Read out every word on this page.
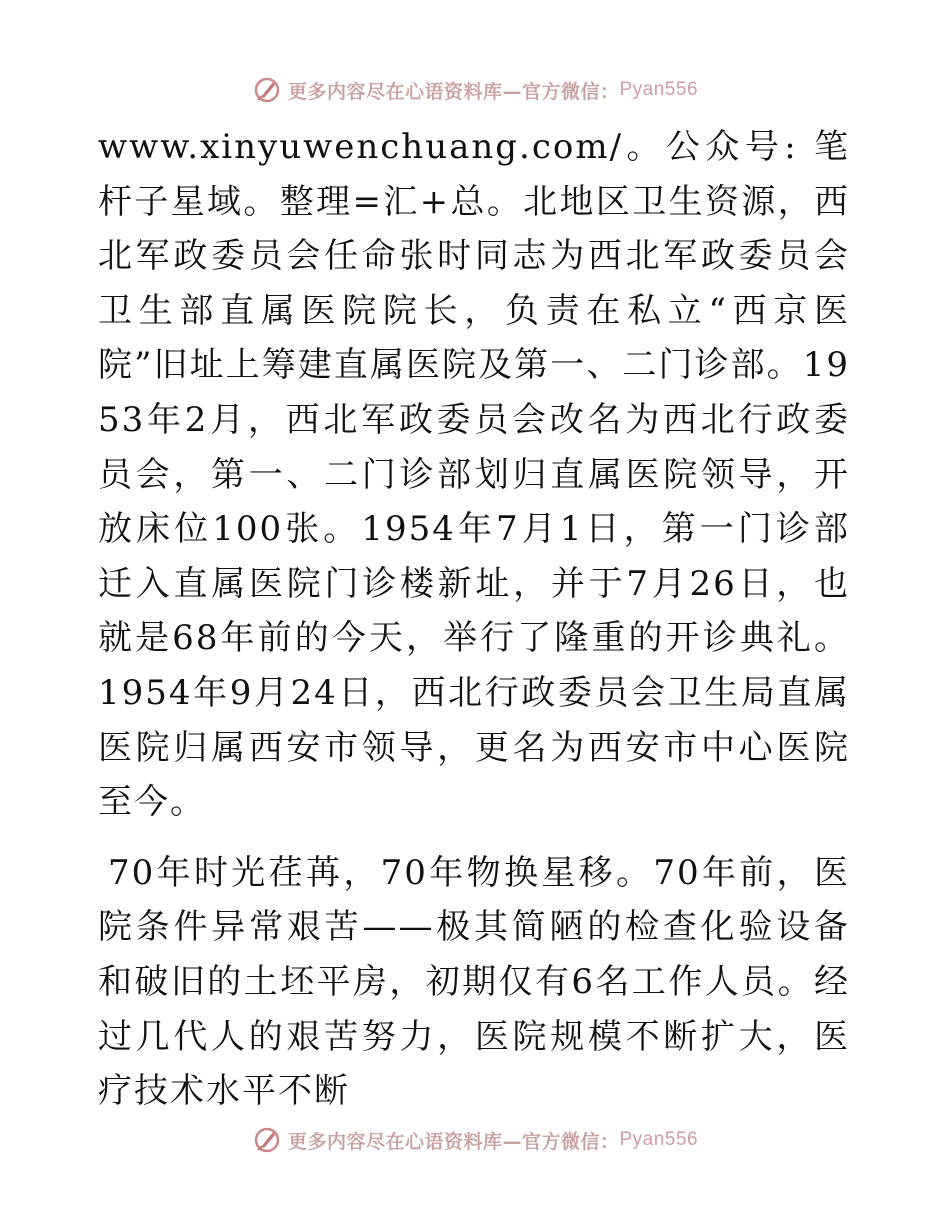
更多内容尽在心语资料库—官方微信： Pyan556

www.xinyuwenchuang.com/。公众号: 笔杆子星域。整理=汇+总。北地区卫生资源，西北军政委员会任命张时同志为西北军政委员会卫生部直属医院院长，负责在私立“西京医院”旧址上筹建直属医院及第一、二门诊部。1953年2月，西北军政委员会改名为西北行政委员会，第一、二门诊部划归直属医院领导，开放床位100张。1954年7月1日，第一门诊部迁入直属医院门诊楼新址，并于7月26日，也就是68年前的今天，举行了隆重的开诊典礼。1954年9月24日，西北行政委员会卫生局直属医院归属西安市领导，更名为西安市中心医院至今。

70年时光荏苒，70年物换星移。70年前，医院条件异常艰苦——极其简陋的检查化验设备和破旧的土坯平房，初期仅有6名工作人员。经过几代人的艰苦努力，医院规模不断扩大，医疗技术水平不断

更多内容尽在心语资料库—官方微信： Pyan556
